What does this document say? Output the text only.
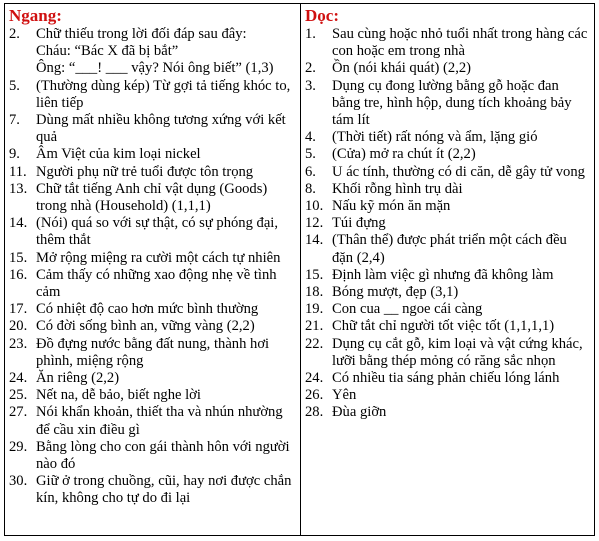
Ngang:
2.	Chữ thiếu trong lời đối đáp sau đây:
Cháu: “Bác X đã bị bắt”
Ông: “___! ___ vậy? Nói ông biết” (1,3)
5.	(Thường dùng kép) Từ gợi tả tiếng khóc to, liên tiếp
7.	Dùng mất nhiều không tương xứng với kết quả
9.	Âm Việt của kim loại nickel
11. Người phụ nữ trẻ tuổi được tôn trọng
13. Chữ tắt tiếng Anh chỉ vật dụng (Goods) trong nhà (Household) (1,1,1)
14. (Nói) quá so với sự thật, có sự phóng đại, thêm thắt
15. Mở rộng miệng ra cười một cách tự nhiên
16. Cảm thấy có những xao động nhẹ về tình cảm
17. Có nhiệt độ cao hơn mức bình thường
20. Có đời sống bình an, vững vàng (2,2)
23. Đồ đựng nước bằng đất nung, thành hơi phình, miệng rộng
24. Ăn riêng (2,2)
25. Nết na, dễ bảo, biết nghe lời
27. Nói khẩn khoản, thiết tha và nhún nhường để cầu xin điều gì
29. Bằng lòng cho con gái thành hôn với người nào đó
30. Giữ ở trong chuồng, cũi, hay nơi được chắn kín, không cho tự do đi lại
Dọc:
1.	Sau cùng hoặc nhỏ tuổi nhất trong hàng các con hoặc em trong nhà
2.	Ồn (nói khái quát) (2,2)
3.	Dụng cụ đong lường bằng gỗ hoặc đan bằng tre, hình hộp, dung tích khoảng bảy tám lít
4.	(Thời tiết) rất nóng và ẩm, lặng gió
5.	(Cửa) mở ra chút ít (2,2)
6.	U ác tính, thường có di căn, dễ gây tử vong
8.	Khối rỗng hình trụ dài
10. Nấu kỹ món ăn mặn
12. Túi đựng
14. (Thân thể) được phát triển một cách đều đặn (2,4)
15. Định làm việc gì nhưng đã không làm
18. Bóng mượt, đẹp (3,1)
19. Con cua __ ngoe cái càng
21. Chữ tắt chỉ người tốt việc tốt (1,1,1,1)
22. Dụng cụ cắt gỗ, kim loại và vật cứng khác,
lưỡi bằng thép mỏng có răng sắc nhọn
24. Có nhiều tia sáng phản chiếu lóng lánh
26. Yên
28. Đùa giỡn
